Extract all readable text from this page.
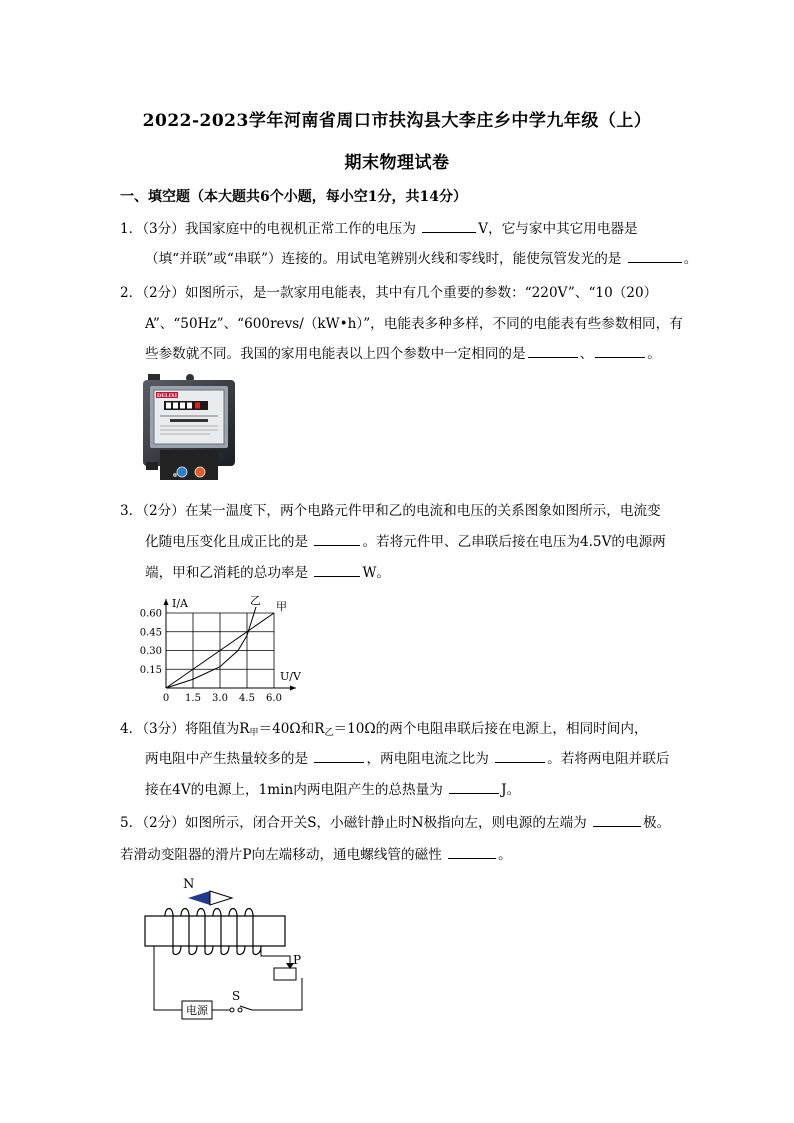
2022-2023学年河南省周口市扶沟县大李庄乡中学九年级（上）
期末物理试卷
一、填空题（本大题共6个小题，每小空1分，共14分）
1．（3分）我国家庭中的电视机正常工作的电压为	V，它与家中其它用电器是
（填“并联”或“串联”）连接的。用试电笔辨别火线和零线时，能使氖管发光的是	。
2．（2分）如图所示，是一款家用电能表，其中有几个重要的参数：“220V”、“10（20）
A”、“50Hz”、“600revs/（kW•h）”，电能表多种多样，不同的电能表有些参数相同，有
些参数就不同。我国的家用电能表以上四个参数中一定相同的是	、	。
DELIXI
3．（2分）在某一温度下，两个电路元件甲和乙的电流和电压的关系图象如图所示，电流变
化随电压变化且成正比的是	。若将元件甲、乙串联后接在电压为4.5V的电源两
端，甲和乙消耗的总功率是	W。
0 1.5 3.0 4.5 6.0
0.15
0.30
0.45
0.60
U/V
I/A	甲
乙
4．（3分）将阻值为$R_甲=40\Omega$和$R_乙=10\Omega$的两个电阻串联后接在电源上，相同时间内，
两电阻中产生热量较多的是	，两电阻电流之比为	。若将两电阻并联后
接在4V的电源上，1min内两电阻产生的总热量为	J。
5．（2分）如图所示，闭合开关S，小磁针静止时N极指向左，则电源的左端为	极。
若滑动变阻器的滑片P向左端移动，通电螺线管的磁性	。
N
P
电源
S
